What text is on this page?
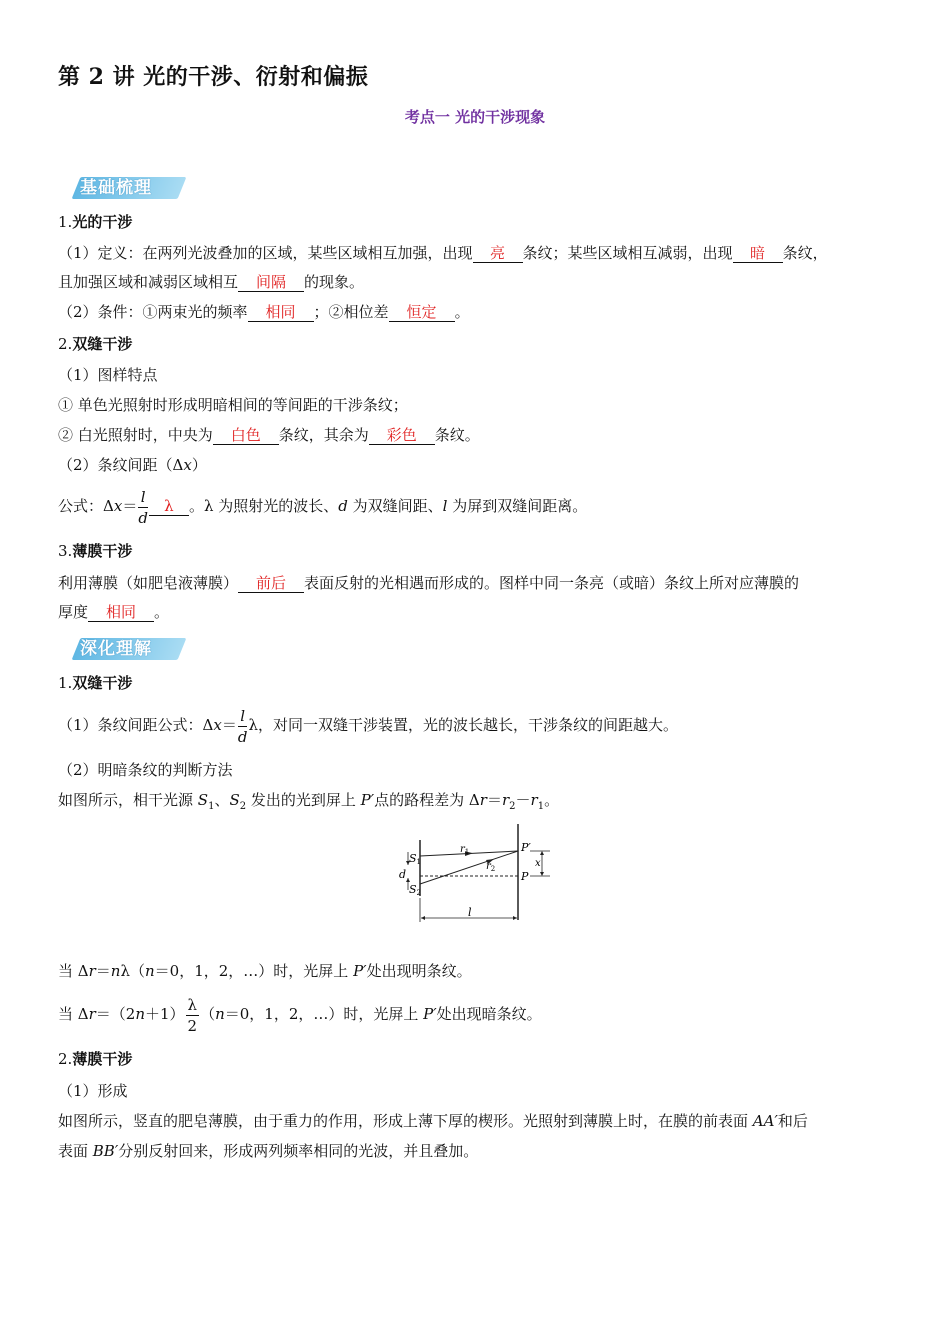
第 2 讲 光的干涉、衍射和偏振
考点一 光的干涉现象
基础梳理
1.光的干涉
（1）定义：在两列光波叠加的区域，某些区域相互加强，出现 亮 条纹；某些区域相互减弱，出现 暗 条纹，
且加强区域和减弱区域相互 间隔 的现象。
（2）条件：①两束光的频率 相同 ；②相位差 恒定 。
2.双缝干涉
（1）图样特点
① 单色光照射时形成明暗相间的等间距的干涉条纹；
② 白光照射时，中央为 白色 条纹，其余为 彩色 条纹。
（2）条纹间距（Δx）
公式：$\Delta x= \frac{l}{d}$ λ 。λ 为照射光的波长、d 为双缝间距、l 为屏到双缝间距离。
3.薄膜干涉
利用薄膜（如肥皂液薄膜） 前后 表面反射的光相遇而形成的。图样中同一条亮（或暗）条纹上所对应薄膜的
厚度 相同 。
深化理解
1.双缝干涉
（1）条纹间距公式：$\Delta x= \frac{l}{d}$ λ，对同一双缝干涉装置，光的波长越长，干涉条纹的间距越大。
（2）明暗条纹的判断方法
如图所示，相干光源 $S_1$、$S_2$ 发出的光到屏上 P′点的路程差为 $\Delta r=r_2-r_1$。
S1
S2
d
$r_1$
$r_2$
P′
P
x
l
当 Δr＝nλ（n＝0，1，2，…）时，光屏上 P′处出现明条纹。
当 $\Delta r=(2n+1) \frac{\lambda}{2} (n=0$，1，2，…）时，光屏上 P′处出现暗条纹。
2.薄膜干涉
（1）形成
如图所示，竖直的肥皂薄膜，由于重力的作用，形成上薄下厚的楔形。光照射到薄膜上时，在膜的前表面 AA′和后
表面 BB′分别反射回来，形成两列频率相同的光波，并且叠加。
